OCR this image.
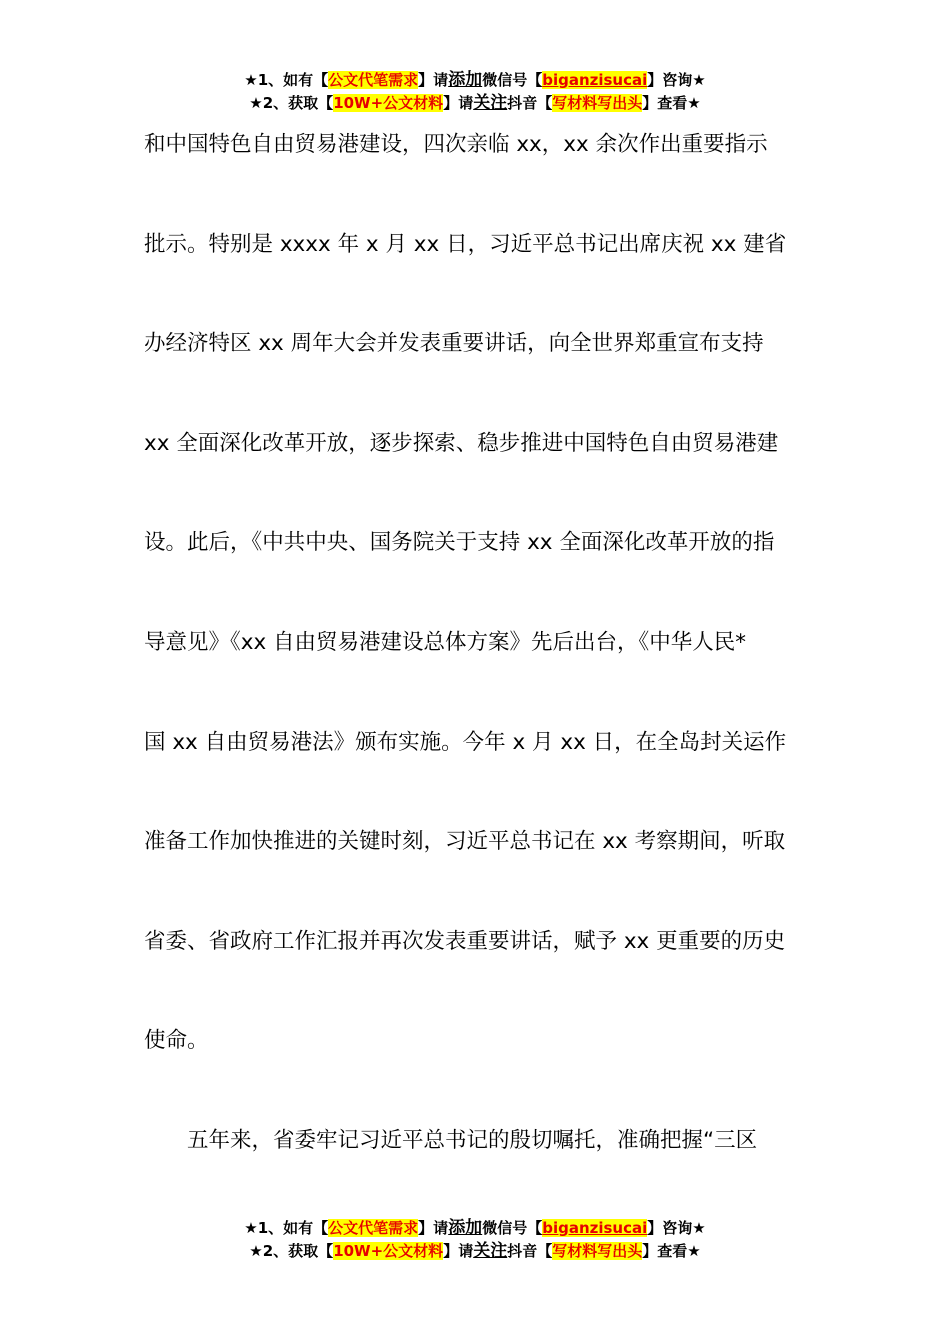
★1、如有【公文代笔需求】请添加微信号【biganzisucai】咨询★
★2、获取【10W+公文材料】请关注抖音【写材料写出头】查看★
和中国特色自由贸易港建设，四次亲临 xx，xx 余次作出重要指示
批示。特别是 xxxx 年 x 月 xx 日，习近平总书记出席庆祝 xx 建省
办经济特区 xx 周年大会并发表重要讲话，向全世界郑重宣布支持
xx 全面深化改革开放，逐步探索、稳步推进中国特色自由贸易港建
设。此后，《中共中央、国务院关于支持 xx 全面深化改革开放的指
导意见》《xx 自由贸易港建设总体方案》先后出台，《中华人民*
国 xx 自由贸易港法》颁布实施。今年 x 月 xx 日，在全岛封关运作
准备工作加快推进的关键时刻，习近平总书记在 xx 考察期间，听取
省委、省政府工作汇报并再次发表重要讲话，赋予 xx 更重要的历史
使命。
五年来，省委牢记习近平总书记的殷切嘱托，准确把握“三区
★1、如有【公文代笔需求】请添加微信号【biganzisucai】咨询★
★2、获取【10W+公文材料】请关注抖音【写材料写出头】查看★
